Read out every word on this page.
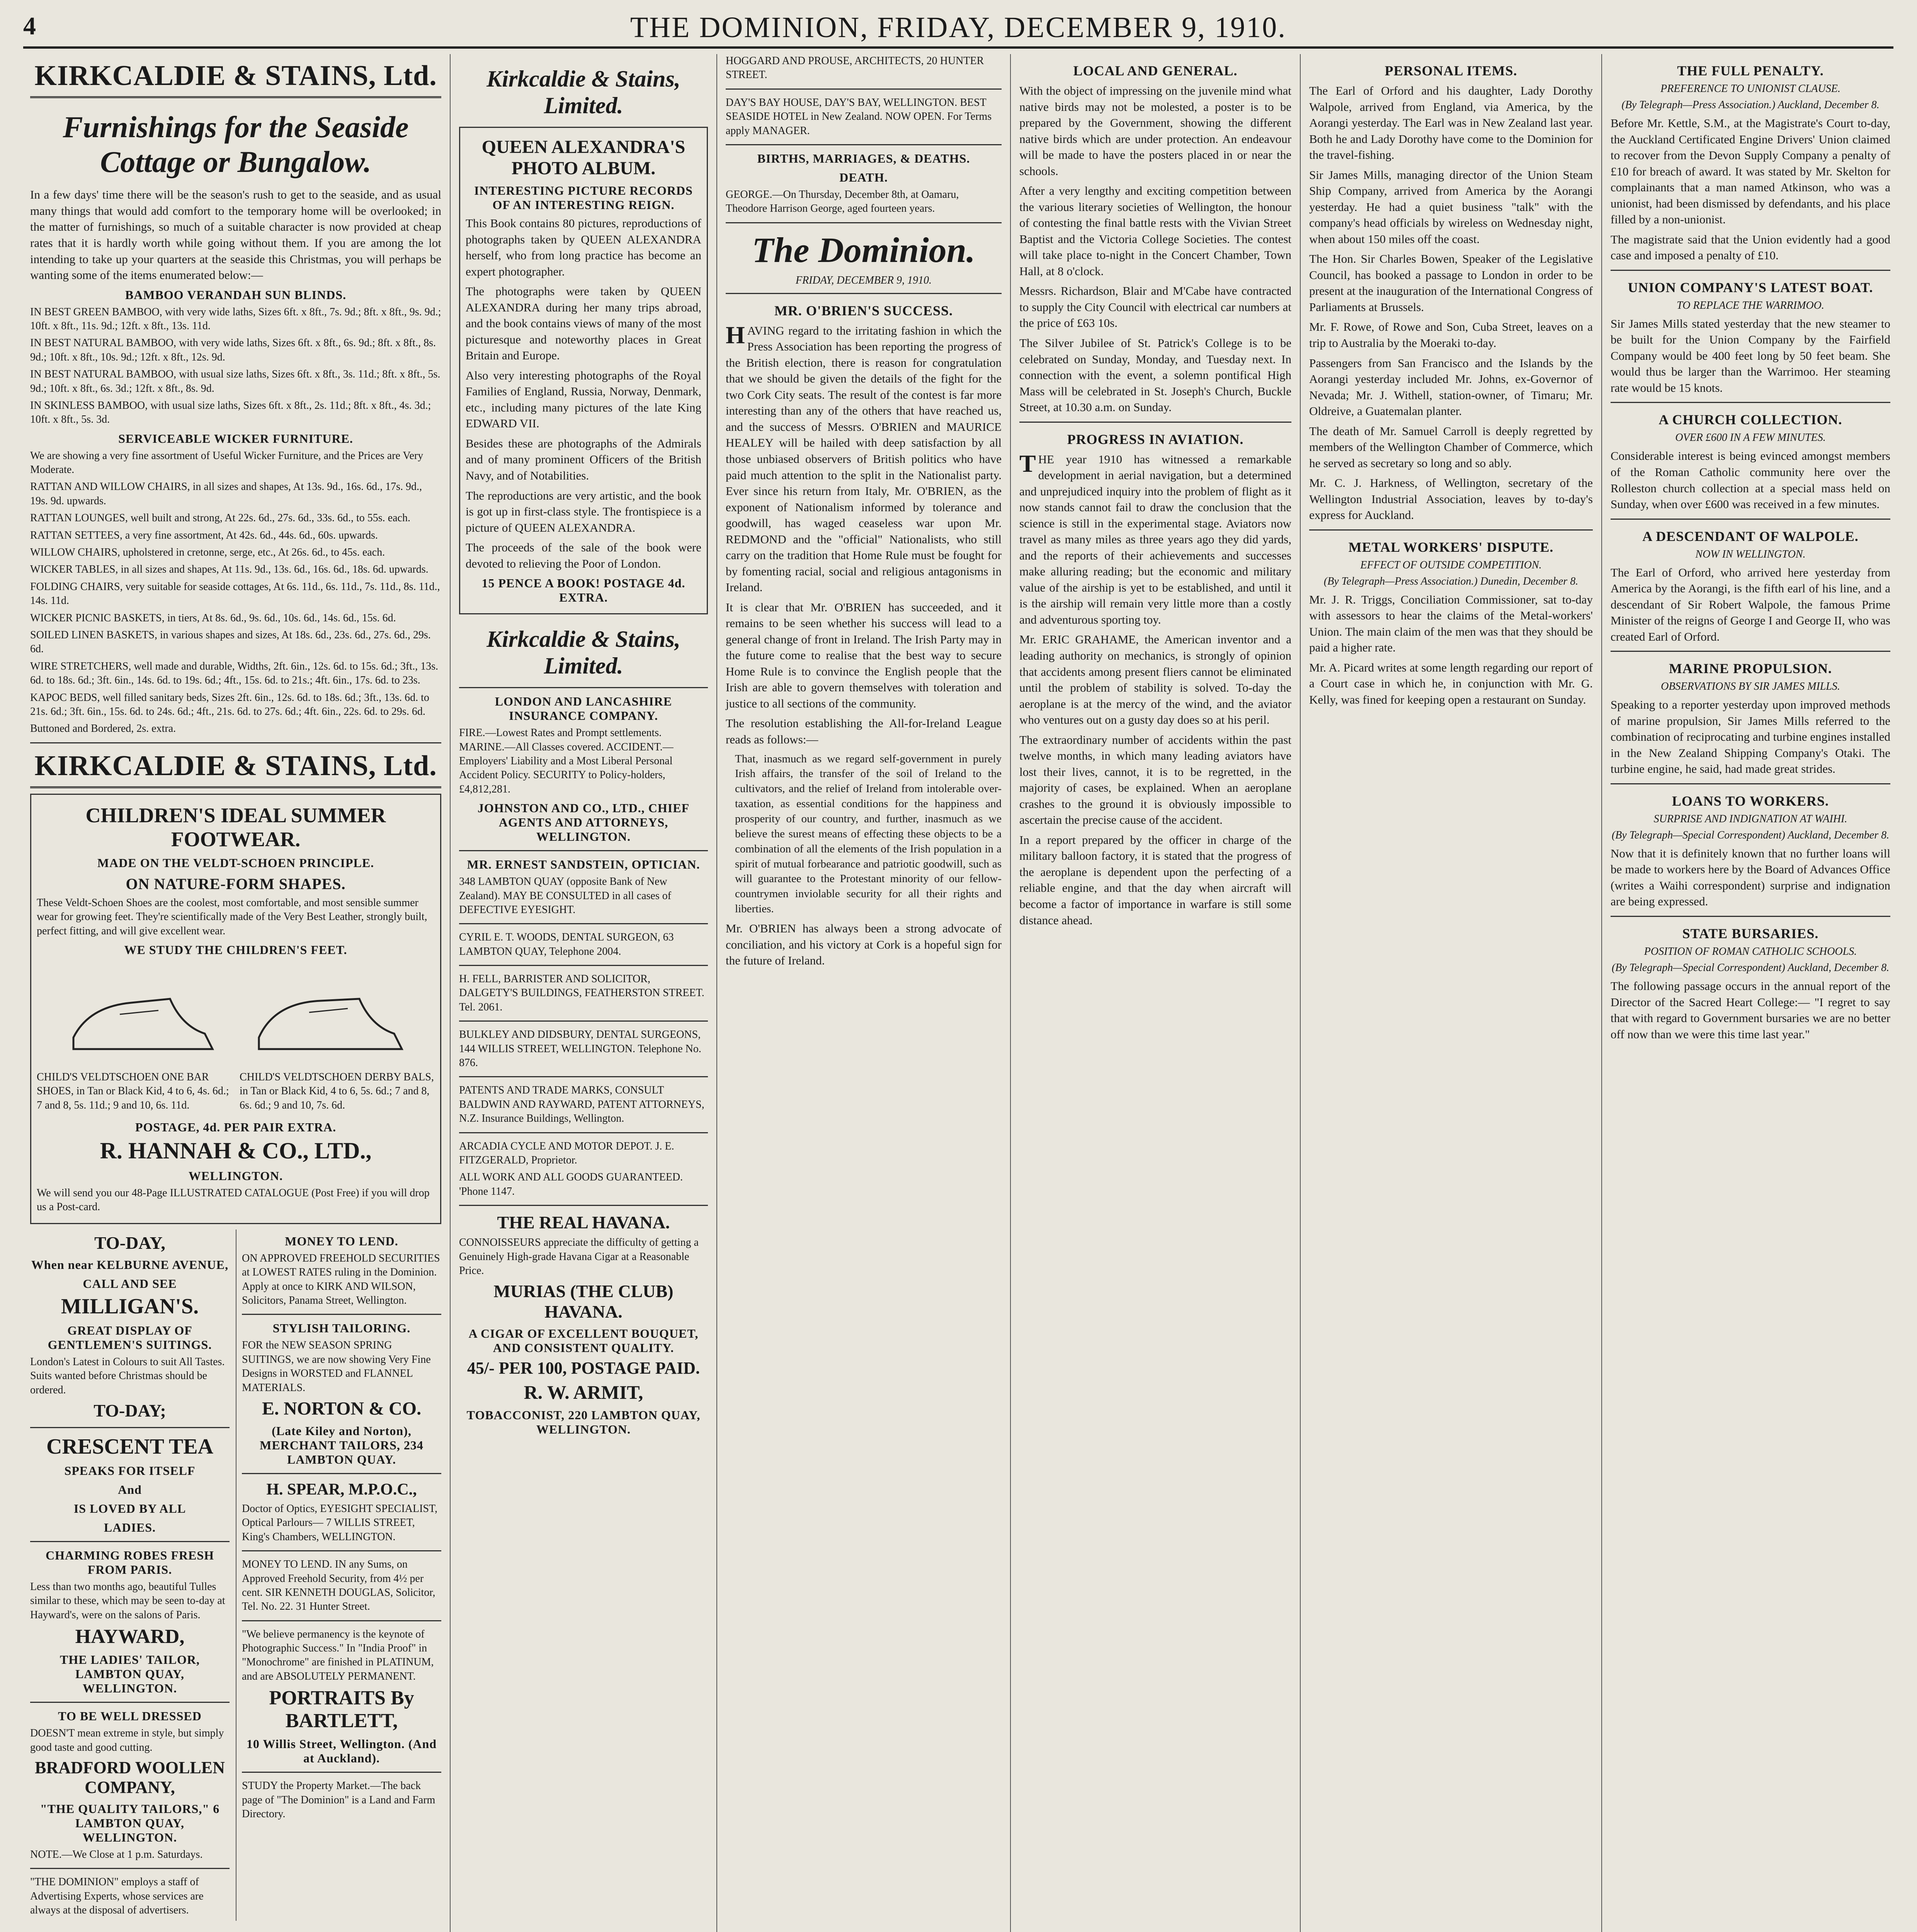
4	THE DOMINION, FRIDAY, DECEMBER 9, 1910.
KIRKCALDIE & STAINS, Ltd.
Furnishings for the Seaside Cottage or Bungalow.

In a few days' time there will be the season's rush to get to the seaside, and as usual many things that would add comfort to the temporary home will be overlooked; in the matter of furnishings, so much of a suitable character is now provided at cheap rates that it is hardly worth while going without them. If you are among the lot intending to take up your quarters at the seaside this Christmas, you will perhaps be wanting some of the items enumerated below:—

BAMBOO VERANDAH SUN BLINDS.

IN BEST GREEN BAMBOO, with very wide laths, Sizes 6ft. x 8ft., 7s. 9d.; 8ft. x 8ft., 9s. 9d.; 10ft. x 8ft., 11s. 9d.; 12ft. x 8ft., 13s. 11d.

IN BEST NATURAL BAMBOO, with very wide laths, Sizes 6ft. x 8ft., 6s. 9d.; 8ft. x 8ft., 8s. 9d.; 10ft. x 8ft., 10s. 9d.; 12ft. x 8ft., 12s. 9d.

IN BEST NATURAL BAMBOO, with usual size laths, Sizes 6ft. x 8ft., 3s. 11d.; 8ft. x 8ft., 5s. 9d.; 10ft. x 8ft., 6s. 3d.; 12ft. x 8ft., 8s. 9d.

IN SKINLESS BAMBOO, with usual size laths, Sizes 6ft. x 8ft., 2s. 11d.; 8ft. x 8ft., 4s. 3d.; 10ft. x 8ft., 5s. 3d.

SERVICEABLE WICKER FURNITURE.

We are showing a very fine assortment of Useful Wicker Furniture, and the Prices are Very Moderate.

RATTAN AND WILLOW CHAIRS, in all sizes and shapes, At 13s. 9d., 16s. 6d., 17s. 9d., 19s. 9d. upwards.

RATTAN LOUNGES, well built and strong, At 22s. 6d., 27s. 6d., 33s. 6d., to 55s. each.

RATTAN SETTEES, a very fine assortment, At 42s. 6d., 44s. 6d., 60s. upwards.

WILLOW CHAIRS, upholstered in cretonne, serge, etc., At 26s. 6d., to 45s. each.

WICKER TABLES, in all sizes and shapes, At 11s. 9d., 13s. 6d., 16s. 6d., 18s. 6d. upwards.

FOLDING CHAIRS, very suitable for seaside cottages, At 6s. 11d., 6s. 11d., 7s. 11d., 8s. 11d., 14s. 11d.

WICKER PICNIC BASKETS, in tiers, At 8s. 6d., 9s. 6d., 10s. 6d., 14s. 6d., 15s. 6d.

SOILED LINEN BASKETS, in various shapes and sizes, At 18s. 6d., 23s. 6d., 27s. 6d., 29s. 6d.

WIRE STRETCHERS, well made and durable, Widths, 2ft. 6in., 12s. 6d. to 15s. 6d.; 3ft., 13s. 6d. to 18s. 6d.; 3ft. 6in., 14s. 6d. to 19s. 6d.; 4ft., 15s. 6d. to 21s.; 4ft. 6in., 17s. 6d. to 23s.

KAPOC BEDS, well filled sanitary beds, Sizes 2ft. 6in., 12s. 6d. to 18s. 6d.; 3ft., 13s. 6d. to 21s. 6d.; 3ft. 6in., 15s. 6d. to 24s. 6d.; 4ft., 21s. 6d. to 27s. 6d.; 4ft. 6in., 22s. 6d. to 29s. 6d.

Buttoned and Bordered, 2s. extra.

KIRKCALDIE & STAINS, Ltd.
CHILDREN'S IDEAL SUMMER FOOTWEAR.
MADE ON THE VELDT-SCHOEN PRINCIPLE.
ON NATURE-FORM SHAPES.

These Veldt-Schoen Shoes are the coolest, most comfortable, and most sensible summer wear for growing feet. They're scientifically made of the Very Best Leather, strongly built, perfect fitting, and will give excellent wear.

WE STUDY THE CHILDREN'S FEET.

CHILD'S VELDTSCHOEN ONE BAR SHOES, in Tan or Black Kid, 4 to 6, 4s. 6d.; 7 and 8, 5s. 11d.; 9 and 10, 6s. 11d.

CHILD'S VELDTSCHOEN DERBY BALS, in Tan or Black Kid, 4 to 6, 5s. 6d.; 7 and 8, 6s. 6d.; 9 and 10, 7s. 6d.

POSTAGE, 4d. PER PAIR EXTRA.
R. HANNAH & CO., LTD.,
WELLINGTON.

We will send you our 48-Page ILLUSTRATED CATALOGUE (Post Free) if you will drop us a Post-card.

TO-DAY,
When near KELBURNE AVENUE,
CALL AND SEE
MILLIGAN'S.
GREAT DISPLAY OF GENTLEMEN'S SUITINGS.

London's Latest in Colours to suit All Tastes. Suits wanted before Christmas should be ordered.

TO-DAY;
CRESCENT TEA
SPEAKS FOR ITSELF
And
IS LOVED BY ALL
LADIES.
CHARMING ROBES FRESH FROM PARIS.

Less than two months ago, beautiful Tulles similar to these, which may be seen to-day at Hayward's, were on the salons of Paris.

HAYWARD,
THE LADIES' TAILOR, LAMBTON QUAY, WELLINGTON.
TO BE WELL DRESSED

DOESN'T mean extreme in style, but simply good taste and good cutting.

BRADFORD WOOLLEN COMPANY,
"THE QUALITY TAILORS," 6 LAMBTON QUAY, WELLINGTON.

NOTE.—We Close at 1 p.m. Saturdays.

"THE DOMINION" employs a staff of Advertising Experts, whose services are always at the disposal of advertisers.

MONEY TO LEND.

ON APPROVED FREEHOLD SECURITIES at LOWEST RATES ruling in the Dominion. Apply at once to KIRK AND WILSON, Solicitors, Panama Street, Wellington.

STYLISH TAILORING.

FOR the NEW SEASON SPRING SUITINGS, we are now showing Very Fine Designs in WORSTED and FLANNEL MATERIALS.

E. NORTON & CO.
(Late Kiley and Norton), MERCHANT TAILORS, 234 LAMBTON QUAY.
H. SPEAR, M.P.O.C.,

Doctor of Optics, EYESIGHT SPECIALIST, Optical Parlours— 7 WILLIS STREET, King's Chambers, WELLINGTON.

MONEY TO LEND. IN any Sums, on Approved Freehold Security, from 4½ per cent. SIR KENNETH DOUGLAS, Solicitor, Tel. No. 22. 31 Hunter Street.

"We believe permanency is the keynote of Photographic Success." In "India Proof" in "Monochrome" are finished in PLATINUM, and are ABSOLUTELY PERMANENT.

PORTRAITS By BARTLETT,
10 Willis Street, Wellington. (And at Auckland).

STUDY the Property Market.—The back page of "The Dominion" is a Land and Farm Directory.

Kirkcaldie & Stains, Limited.
QUEEN ALEXANDRA'S PHOTO ALBUM.
INTERESTING PICTURE RECORDS OF AN INTERESTING REIGN.

This Book contains 80 pictures, reproductions of photographs taken by QUEEN ALEXANDRA herself, who from long practice has become an expert photographer.

The photographs were taken by QUEEN ALEXANDRA during her many trips abroad, and the book contains views of many of the most picturesque and noteworthy places in Great Britain and Europe.

Also very interesting photographs of the Royal Families of England, Russia, Norway, Denmark, etc., including many pictures of the late King EDWARD VII.

Besides these are photographs of the Admirals and of many prominent Officers of the British Navy, and of Notabilities.

The reproductions are very artistic, and the book is got up in first-class style. The frontispiece is a picture of QUEEN ALEXANDRA.

The proceeds of the sale of the book were devoted to relieving the Poor of London.

15 PENCE A BOOK! POSTAGE 4d. EXTRA.
Kirkcaldie & Stains, Limited.
LONDON AND LANCASHIRE INSURANCE COMPANY.

FIRE.—Lowest Rates and Prompt settlements. MARINE.—All Classes covered. ACCIDENT.—Employers' Liability and a Most Liberal Personal Accident Policy. SECURITY to Policy-holders, £4,812,281.

JOHNSTON AND CO., LTD., CHIEF AGENTS AND ATTORNEYS, WELLINGTON.
MR. ERNEST SANDSTEIN, OPTICIAN.

348 LAMBTON QUAY (opposite Bank of New Zealand). MAY BE CONSULTED in all cases of DEFECTIVE EYESIGHT.

CYRIL E. T. WOODS, DENTAL SURGEON, 63 LAMBTON QUAY, Telephone 2004.

H. FELL, BARRISTER AND SOLICITOR, DALGETY'S BUILDINGS, FEATHERSTON STREET. Tel. 2061.

BULKLEY AND DIDSBURY, DENTAL SURGEONS, 144 WILLIS STREET, WELLINGTON. Telephone No. 876.

PATENTS AND TRADE MARKS, CONSULT BALDWIN AND RAYWARD, PATENT ATTORNEYS, N.Z. Insurance Buildings, Wellington.

ARCADIA CYCLE AND MOTOR DEPOT. J. E. FITZGERALD, Proprietor.

ALL WORK AND ALL GOODS GUARANTEED. 'Phone 1147.

THE REAL HAVANA.

CONNOISSEURS appreciate the difficulty of getting a Genuinely High-grade Havana Cigar at a Reasonable Price.

MURIAS (THE CLUB) HAVANA.
A CIGAR OF EXCELLENT BOUQUET, AND CONSISTENT QUALITY.
45/- PER 100, POSTAGE PAID.
R. W. ARMIT,
TOBACCONIST, 220 LAMBTON QUAY, WELLINGTON.

HOGGARD AND PROUSE, ARCHITECTS, 20 HUNTER STREET.

DAY'S BAY HOUSE, DAY'S BAY, WELLINGTON. BEST SEASIDE HOTEL in New Zealand. NOW OPEN. For Terms apply MANAGER.

BIRTHS, MARRIAGES, & DEATHS.
DEATH.

GEORGE.—On Thursday, December 8th, at Oamaru, Theodore Harrison George, aged fourteen years.

The Dominion.
FRIDAY, DECEMBER 9, 1910.
MR. O'BRIEN'S SUCCESS.

HAVING regard to the irritating fashion in which the Press Association has been reporting the progress of the British election, there is reason for congratulation that we should be given the details of the fight for the two Cork City seats. The result of the contest is far more interesting than any of the others that have reached us, and the success of Messrs. O'BRIEN and MAURICE HEALEY will be hailed with deep satisfaction by all those unbiased observers of British politics who have paid much attention to the split in the Nationalist party. Ever since his return from Italy, Mr. O'BRIEN, as the exponent of Nationalism informed by tolerance and goodwill, has waged ceaseless war upon Mr. REDMOND and the "official" Nationalists, who still carry on the tradition that Home Rule must be fought for by fomenting racial, social and religious antagonisms in Ireland.

It is clear that Mr. O'BRIEN has succeeded, and it remains to be seen whether his success will lead to a general change of front in Ireland. The Irish Party may in the future come to realise that the best way to secure Home Rule is to convince the English people that the Irish are able to govern themselves with toleration and justice to all sections of the community.

The resolution establishing the All-for-Ireland League reads as follows:—

That, inasmuch as we regard self-government in purely Irish affairs, the transfer of the soil of Ireland to the cultivators, and the relief of Ireland from intolerable over-taxation, as essential conditions for the happiness and prosperity of our country, and further, inasmuch as we believe the surest means of effecting these objects to be a combination of all the elements of the Irish population in a spirit of mutual forbearance and patriotic goodwill, such as will guarantee to the Protestant minority of our fellow-countrymen inviolable security for all their rights and liberties.

Mr. O'BRIEN has always been a strong advocate of conciliation, and his victory at Cork is a hopeful sign for the future of Ireland.

LOCAL AND GENERAL.

With the object of impressing on the juvenile mind what native birds may not be molested, a poster is to be prepared by the Government, showing the different native birds which are under protection. An endeavour will be made to have the posters placed in or near the schools.

After a very lengthy and exciting competition between the various literary societies of Wellington, the honour of contesting the final battle rests with the Vivian Street Baptist and the Victoria College Societies. The contest will take place to-night in the Concert Chamber, Town Hall, at 8 o'clock.

Messrs. Richardson, Blair and M'Cabe have contracted to supply the City Council with electrical car numbers at the price of £63 10s.

The Silver Jubilee of St. Patrick's College is to be celebrated on Sunday, Monday, and Tuesday next. In connection with the event, a solemn pontifical High Mass will be celebrated in St. Joseph's Church, Buckle Street, at 10.30 a.m. on Sunday.

PROGRESS IN AVIATION.

THE year 1910 has witnessed a remarkable development in aerial navigation, but a determined and unprejudiced inquiry into the problem of flight as it now stands cannot fail to draw the conclusion that the science is still in the experimental stage. Aviators now travel as many miles as three years ago they did yards, and the reports of their achievements and successes make alluring reading; but the economic and military value of the airship is yet to be established, and until it is the airship will remain very little more than a costly and adventurous sporting toy.

Mr. ERIC GRAHAME, the American inventor and a leading authority on mechanics, is strongly of opinion that accidents among present fliers cannot be eliminated until the problem of stability is solved. To-day the aeroplane is at the mercy of the wind, and the aviator who ventures out on a gusty day does so at his peril.

The extraordinary number of accidents within the past twelve months, in which many leading aviators have lost their lives, cannot, it is to be regretted, in the majority of cases, be explained. When an aeroplane crashes to the ground it is obviously impossible to ascertain the precise cause of the accident.

In a report prepared by the officer in charge of the military balloon factory, it is stated that the progress of the aeroplane is dependent upon the perfecting of a reliable engine, and that the day when aircraft will become a factor of importance in warfare is still some distance ahead.

PERSONAL ITEMS.

The Earl of Orford and his daughter, Lady Dorothy Walpole, arrived from England, via America, by the Aorangi yesterday. The Earl was in New Zealand last year. Both he and Lady Dorothy have come to the Dominion for the travel-fishing.

Sir James Mills, managing director of the Union Steam Ship Company, arrived from America by the Aorangi yesterday. He had a quiet business "talk" with the company's head officials by wireless on Wednesday night, when about 150 miles off the coast.

The Hon. Sir Charles Bowen, Speaker of the Legislative Council, has booked a passage to London in order to be present at the inauguration of the International Congress of Parliaments at Brussels.

Mr. F. Rowe, of Rowe and Son, Cuba Street, leaves on a trip to Australia by the Moeraki to-day.

Passengers from San Francisco and the Islands by the Aorangi yesterday included Mr. Johns, ex-Governor of Nevada; Mr. J. Withell, station-owner, of Timaru; Mr. Oldreive, a Guatemalan planter.

The death of Mr. Samuel Carroll is deeply regretted by members of the Wellington Chamber of Commerce, which he served as secretary so long and so ably.

Mr. C. J. Harkness, of Wellington, secretary of the Wellington Industrial Association, leaves by to-day's express for Auckland.

METAL WORKERS' DISPUTE.
EFFECT OF OUTSIDE COMPETITION.
(By Telegraph—Press Association.) Dunedin, December 8.

Mr. J. R. Triggs, Conciliation Commissioner, sat to-day with assessors to hear the claims of the Metal-workers' Union. The main claim of the men was that they should be paid a higher rate.

Mr. A. Picard writes at some length regarding our report of a Court case in which he, in conjunction with Mr. G. Kelly, was fined for keeping open a restaurant on Sunday.

THE FULL PENALTY.
PREFERENCE TO UNIONIST CLAUSE.
(By Telegraph—Press Association.) Auckland, December 8.

Before Mr. Kettle, S.M., at the Magistrate's Court to-day, the Auckland Certificated Engine Drivers' Union claimed to recover from the Devon Supply Company a penalty of £10 for breach of award. It was stated by Mr. Skelton for complainants that a man named Atkinson, who was a unionist, had been dismissed by defendants, and his place filled by a non-unionist.

The magistrate said that the Union evidently had a good case and imposed a penalty of £10.

UNION COMPANY'S LATEST BOAT.
TO REPLACE THE WARRIMOO.

Sir James Mills stated yesterday that the new steamer to be built for the Union Company by the Fairfield Company would be 400 feet long by 50 feet beam. She would thus be larger than the Warrimoo. Her steaming rate would be 15 knots.

A CHURCH COLLECTION.
OVER £600 IN A FEW MINUTES.

Considerable interest is being evinced amongst members of the Roman Catholic community here over the Rolleston church collection at a special mass held on Sunday, when over £600 was received in a few minutes.

A DESCENDANT OF WALPOLE.
NOW IN WELLINGTON.

The Earl of Orford, who arrived here yesterday from America by the Aorangi, is the fifth earl of his line, and a descendant of Sir Robert Walpole, the famous Prime Minister of the reigns of George I and George II, who was created Earl of Orford.

MARINE PROPULSION.
OBSERVATIONS BY SIR JAMES MILLS.

Speaking to a reporter yesterday upon improved methods of marine propulsion, Sir James Mills referred to the combination of reciprocating and turbine engines installed in the New Zealand Shipping Company's Otaki. The turbine engine, he said, had made great strides.

LOANS TO WORKERS.
SURPRISE AND INDIGNATION AT WAIHI.
(By Telegraph—Special Correspondent) Auckland, December 8.

Now that it is definitely known that no further loans will be made to workers here by the Board of Advances Office (writes a Waihi correspondent) surprise and indignation are being expressed.

STATE BURSARIES.
POSITION OF ROMAN CATHOLIC SCHOOLS.
(By Telegraph—Special Correspondent) Auckland, December 8.

The following passage occurs in the annual report of the Director of the Sacred Heart College:— "I regret to say that with regard to Government bursaries we are no better off now than we were this time last year."
